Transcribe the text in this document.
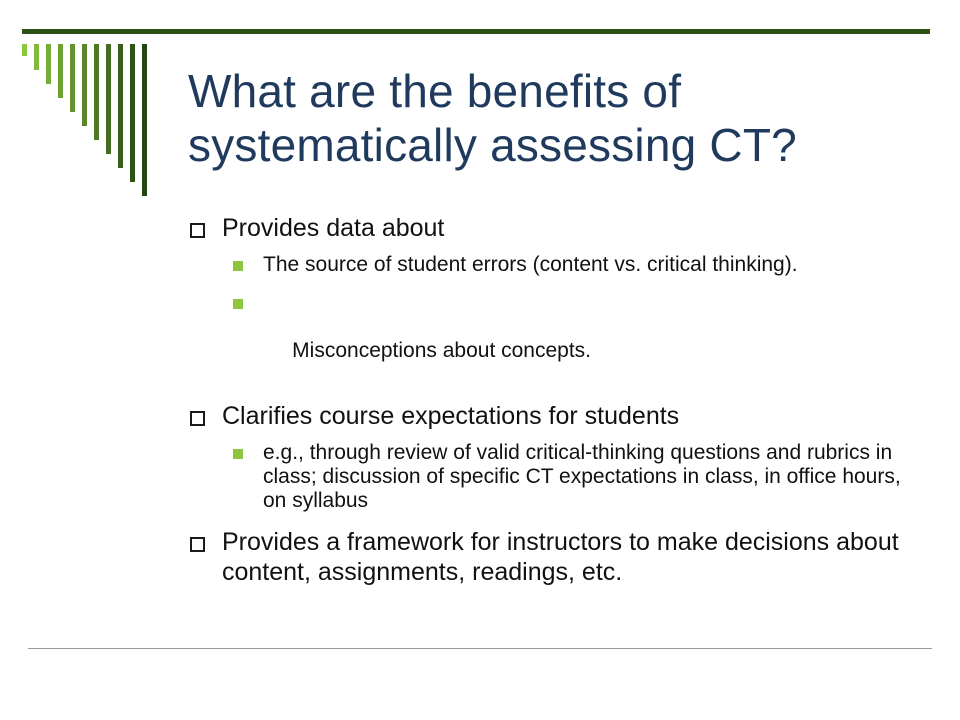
What are the benefits of
systematically assessing CT?
Provides data about
The source of student errors (content vs. critical thinking).

Misconceptions about concepts.

Clarifies course expectations for students
e.g., through review of valid critical-thinking questions and rubrics in class; discussion of specific CT expectations in class, in office hours, on syllabus
Provides a framework for instructors to make decisions about content, assignments, readings, etc.
